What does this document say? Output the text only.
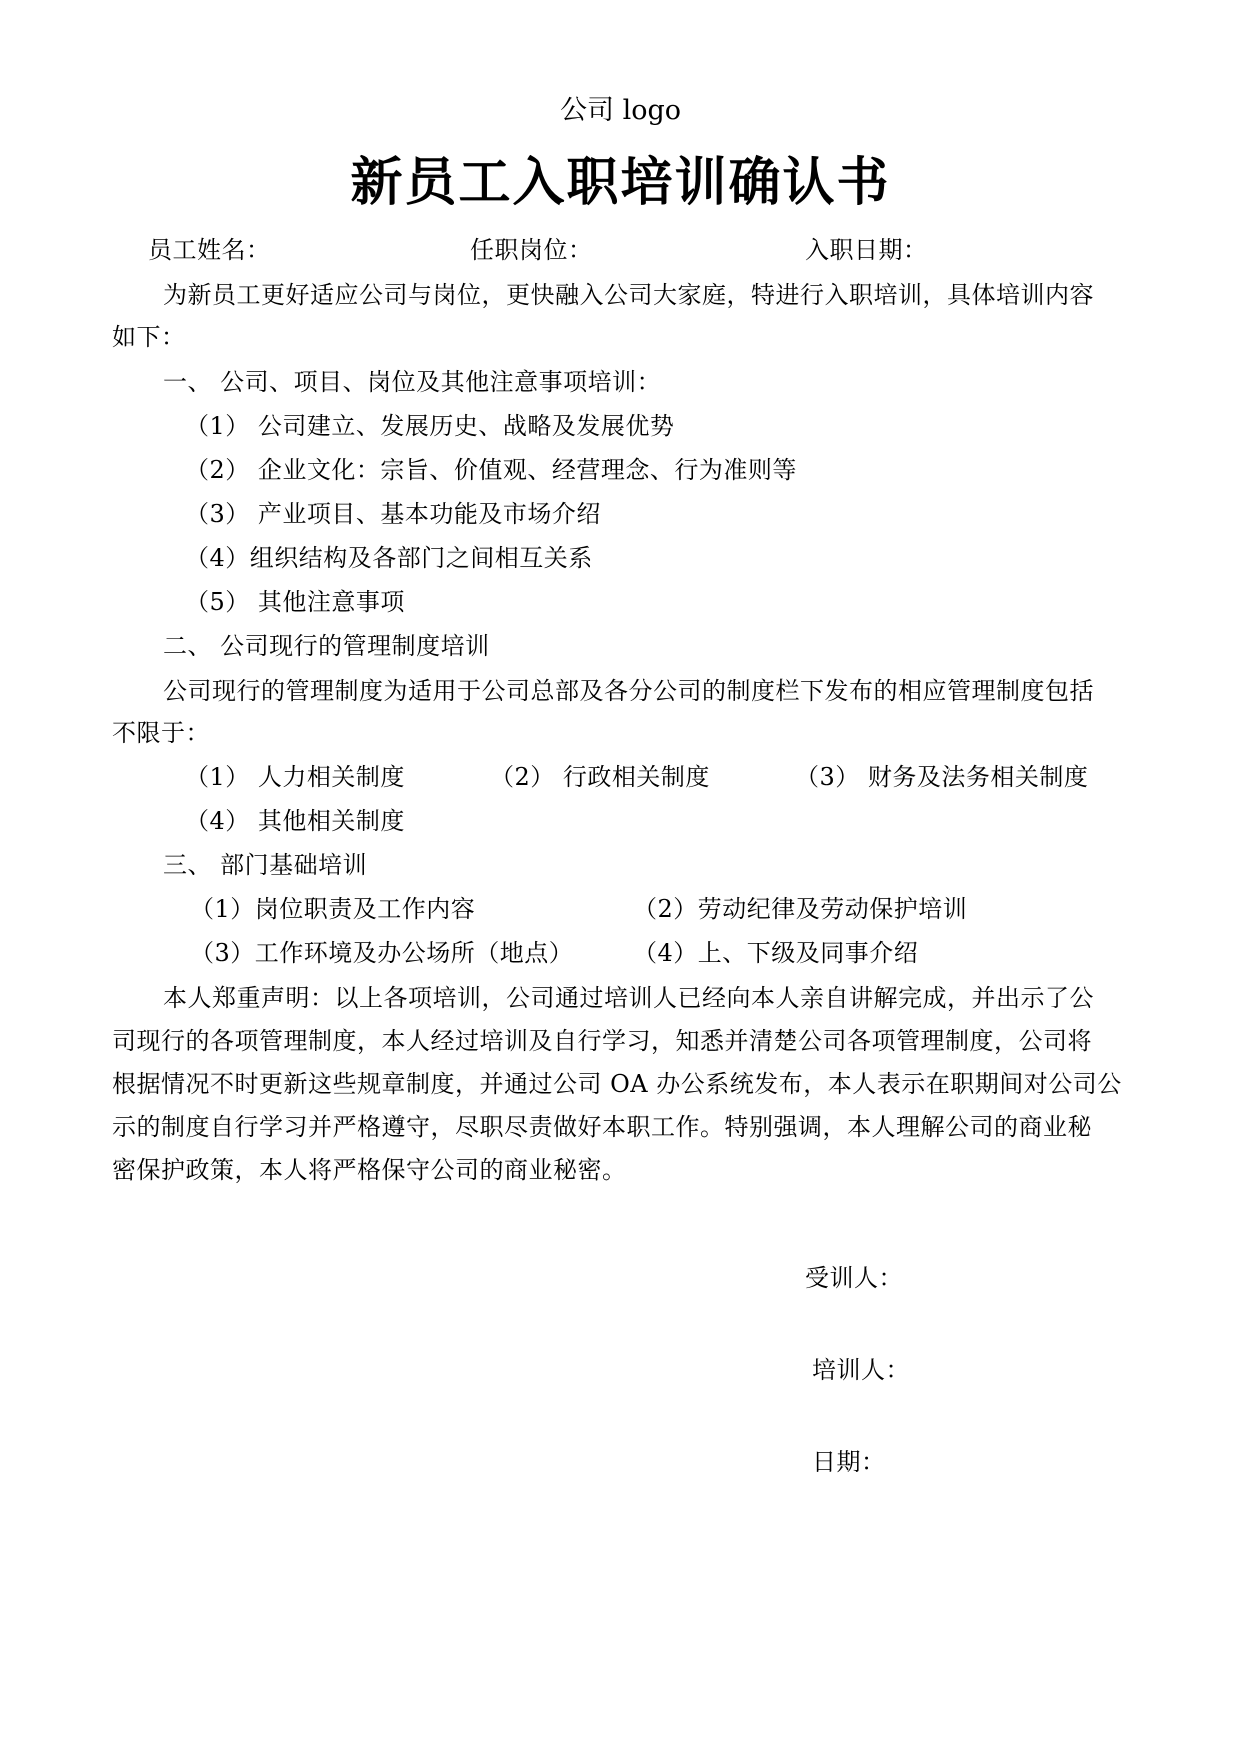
公司 logo
新员工入职培训确认书
员工姓名：	任职岗位：	入职日期：
为新员工更好适应公司与岗位，更快融入公司大家庭，特进行入职培训，具体培训内容
如下：
一、 公司、项目、岗位及其他注意事项培训：
（1） 公司建立、发展历史、战略及发展优势
（2） 企业文化：宗旨、价值观、经营理念、行为准则等
（3） 产业项目、基本功能及市场介绍
（4）组织结构及各部门之间相互关系
（5） 其他注意事项
二、 公司现行的管理制度培训
公司现行的管理制度为适用于公司总部及各分公司的制度栏下发布的相应管理制度包括
不限于：
（1） 人力相关制度	（2） 行政相关制度	（3） 财务及法务相关制度
（4） 其他相关制度
三、 部门基础培训
（1）岗位职责及工作内容	（2）劳动纪律及劳动保护培训
（3）工作环境及办公场所（地点） （4）上、下级及同事介绍
本人郑重声明：以上各项培训，公司通过培训人已经向本人亲自讲解完成，并出示了公
司现行的各项管理制度，本人经过培训及自行学习，知悉并清楚公司各项管理制度，公司将
根据情况不时更新这些规章制度，并通过公司 OA 办公系统发布，本人表示在职期间对公司公
示的制度自行学习并严格遵守，尽职尽责做好本职工作。特别强调，本人理解公司的商业秘
密保护政策，本人将严格保守公司的商业秘密。
受训人：
培训人：
日期：
